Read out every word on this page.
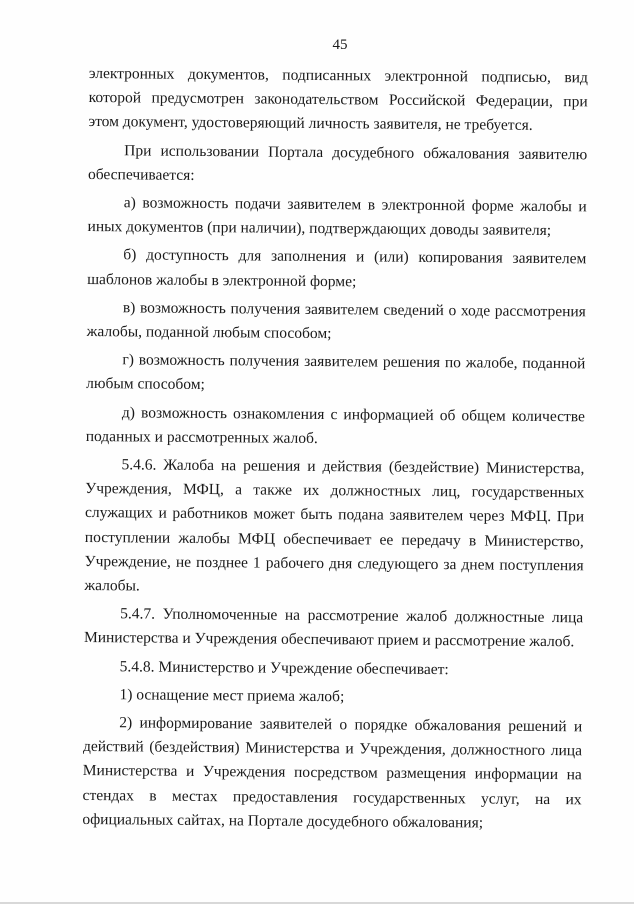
45

электронных документов, подписанных электронной подписью, вид которой предусмотрен законодательством Российской Федерации, при этом документ, удостоверяющий личность заявителя, не требуется.

При использовании Портала досудебного обжалования заявителю обеспечивается:

а) возможность подачи заявителем в электронной форме жалобы и иных документов (при наличии), подтверждающих доводы заявителя;

б) доступность для заполнения и (или) копирования заявителем шаблонов жалобы в электронной форме;

в) возможность получения заявителем сведений о ходе рассмотрения жалобы, поданной любым способом;

г) возможность получения заявителем решения по жалобе, поданной любым способом;

д) возможность ознакомления с информацией об общем количестве поданных и рассмотренных жалоб.

5.4.6. Жалоба на решения и действия (бездействие) Министерства, Учреждения, МФЦ, а также их должностных лиц, государственных служащих и работников может быть подана заявителем через МФЦ. При поступлении жалобы МФЦ обеспечивает ее передачу в Министерство, Учреждение, не позднее 1 рабочего дня следующего за днем поступления жалобы.

5.4.7. Уполномоченные на рассмотрение жалоб должностные лица Министерства и Учреждения обеспечивают прием и рассмотрение жалоб.

5.4.8. Министерство и Учреждение обеспечивает:

1) оснащение мест приема жалоб;

2) информирование заявителей о порядке обжалования решений и действий (бездействия) Министерства и Учреждения, должностного лица Министерства и Учреждения посредством размещения информации на стендах в местах предоставления государственных услуг, на их официальных сайтах, на Портале досудебного обжалования;
